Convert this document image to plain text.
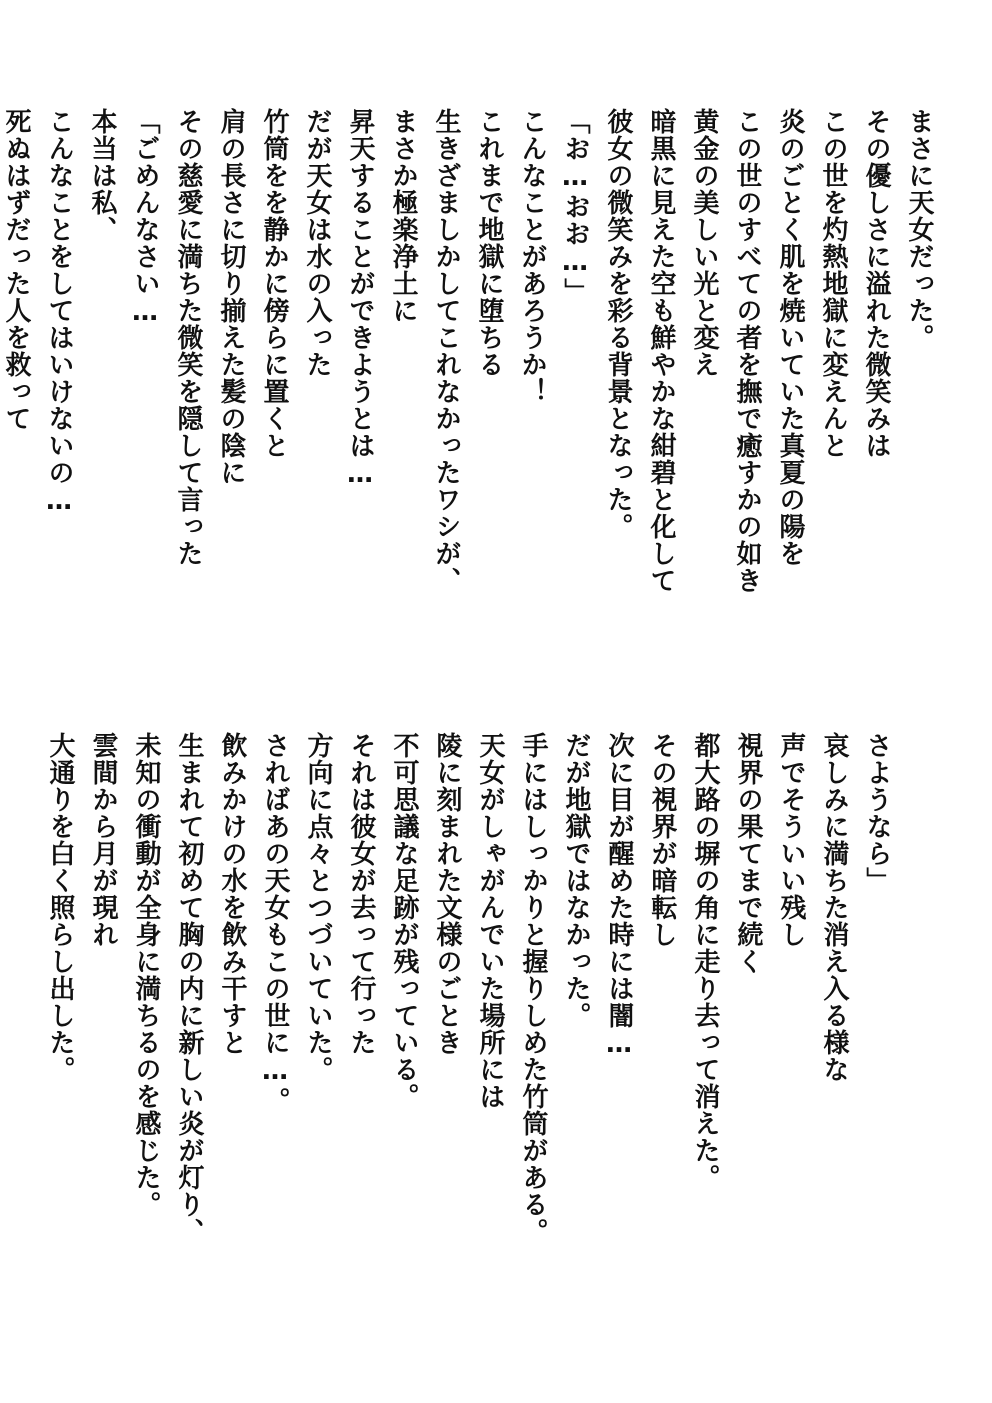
まさに天女だった。
その優しさに溢れた微笑みは
この世を灼熱地獄に変えんと
炎のごとく肌を焼いていた真夏の陽を
この世のすべての者を撫で癒すかの如き
黄金の美しい光と変え
暗黒に見えた空も鮮やかな紺碧と化して
彼女の微笑みを彩る背景となった。
「お…おお…」
こんなことがあろうか！
これまで地獄に堕ちる
生きざましかしてこれなかったワシが、
まさか極楽浄土に
昇天することができようとは…
だが天女は水の入った
竹筒をを静かに傍らに置くと
肩の長さに切り揃えた髪の陰に
その慈愛に満ちた微笑を隠して言った
「ごめんなさい…
本当は私、
こんなことをしてはいけないの…
死ぬはずだった人を救って
さようなら」
哀しみに満ちた消え入る様な
声でそういい残し
視界の果てまで続く
都大路の塀の角に走り去って消えた。
その視界が暗転し
次に目が醒めた時には闇…
だが地獄ではなかった。
手にはしっかりと握りしめた竹筒がある。
天女がしゃがんでいた場所には
陵に刻まれた文様のごとき
不可思議な足跡が残っている。
それは彼女が去って行った
方向に点々とつづいていた。
さればあの天女もこの世に…。
飲みかけの水を飲み干すと
生まれて初めて胸の内に新しい炎が灯り、
未知の衝動が全身に満ちるのを感じた。
雲間から月が現れ
大通りを白く照らし出した。
